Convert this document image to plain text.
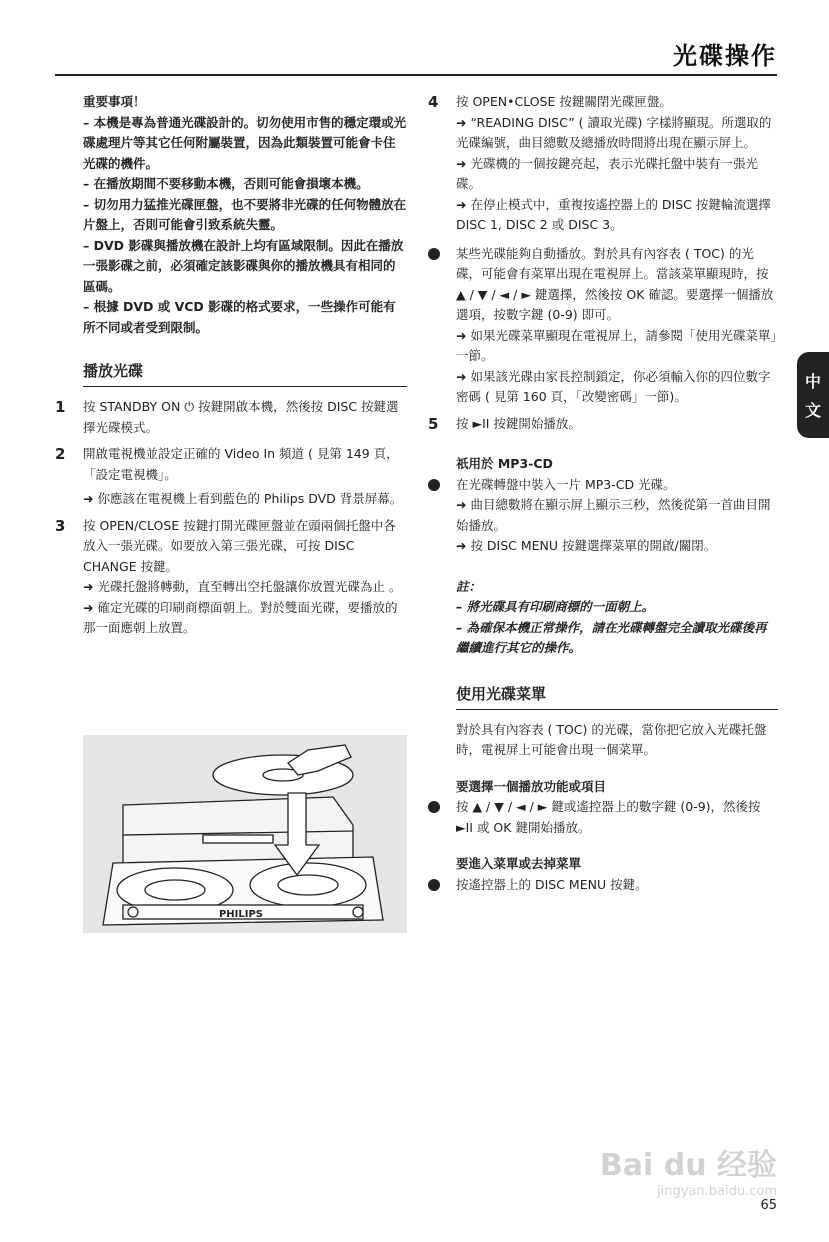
光碟操作
中
文
重要事項！
– 本機是專為普通光碟設計的。切勿使用市售的穩定環或光碟處理片等其它任何附屬裝置，因為此類裝置可能會卡住光碟的機件。
– 在播放期間不要移動本機，否則可能會損壞本機。
– 切勿用力猛推光碟匣盤，也不要將非光碟的任何物體放在片盤上，否則可能會引致系統失靈。
– DVD 影碟與播放機在設計上均有區域限制。因此在播放一張影碟之前，必須確定該影碟與你的播放機具有相同的區碼。
– 根據 DVD 或 VCD 影碟的格式要求，一些操作可能有所不同或者受到限制。
播放光碟
1 按 STANDBY ON ⏻ 按鍵開啟本機，然後按 DISC 按鍵選擇光碟模式。
2 開啟電視機並設定正確的 Video In 頻道 ( 見第 149 頁，「設定電視機」。
➜ 你應該在電視機上看到藍色的 Philips DVD 背景屏幕。
3 按 OPEN/CLOSE 按鍵打開光碟匣盤並在頭兩個托盤中各放入一張光碟。如要放入第三張光碟，可按 DISC CHANGE 按鍵。
➜ 光碟托盤將轉動，直至轉出空托盤讓你放置光碟為止 。
➜ 確定光碟的印刷商標面朝上。對於雙面光碟，要播放的那一面應朝上放置。
PHILIPS
4 按 OPEN•CLOSE 按鍵關閉光碟匣盤。
➜ “READING DISC” ( 讀取光碟) 字樣將顯現。所選取的光碟編號，曲目總數及總播放時間將出現在顯示屏上。
➜ 光碟機的一個按鍵亮起，表示光碟托盤中裝有一張光碟。
➜ 在停止模式中，重複按遙控器上的 DISC 按鍵輪流選擇 DISC 1, DISC 2 或 DISC 3。
某些光碟能夠自動播放。對於具有內容表 ( TOC) 的光碟，可能會有菜單出現在電視屏上。當該菜單顯現時，按 ▲ / ▼ / ◄ / ► 鍵選擇，然後按 OK 確認。要選擇一個播放選項，按數字鍵 (0-9) 即可。
➜ 如果光碟菜單顯現在電視屏上，請參閱「使用光碟菜單」一節。
➜ 如果該光碟由家長控制鎖定，你必須輸入你的四位數字密碼 ( 見第 160 頁，「改變密碼」一節)。
5 按 ►II 按鍵開始播放。
祇用於 MP3-CD
在光碟轉盤中裝入一片 MP3-CD 光碟。
➜ 曲目總數將在顯示屏上顯示三秒，然後從第一首曲目開始播放。
➜ 按 DISC MENU 按鍵選擇菜單的開啟/關閉。
註：
– 將光碟具有印刷商標的一面朝上。
– 為確保本機正常操作，請在光碟轉盤完全讀取光碟後再繼續進行其它的操作。
使用光碟菜單
對於具有內容表 ( TOC) 的光碟，當你把它放入光碟托盤時，電視屏上可能會出現一個菜單。
要選擇一個播放功能或項目
按 ▲ / ▼ / ◄ / ► 鍵或遙控器上的數字鍵 (0-9)，然後按 ►II 或 OK 鍵開始播放。
要進入菜單或去掉菜單
按遙控器上的 DISC MENU 按鍵。
Bai du 经验
jingyan.baidu.com
65
